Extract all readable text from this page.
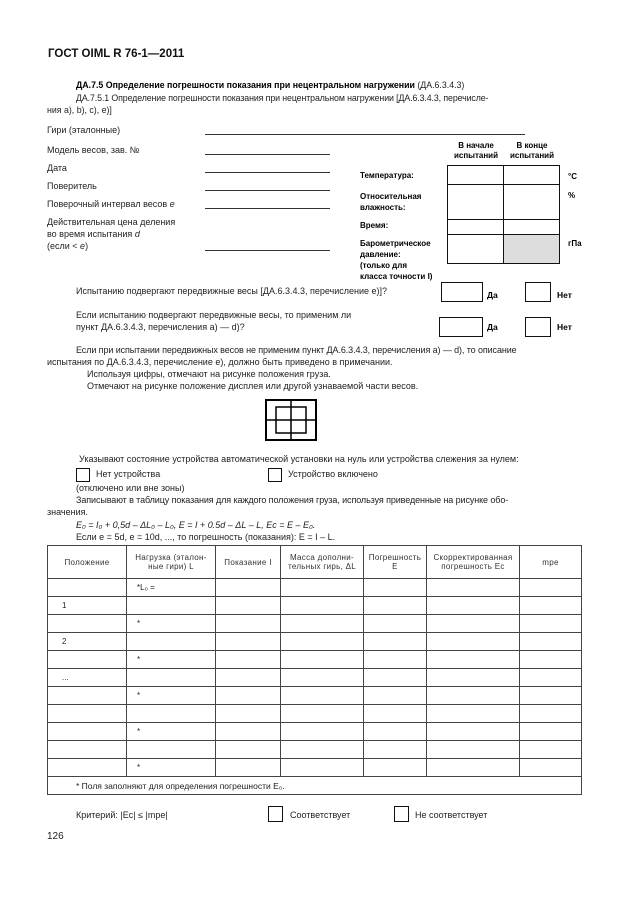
ГОСТ OIML R 76-1—2011
ДА.7.5 Определение погрешности показания при нецентральном нагружении (ДА.6.3.4.3)
ДА.7.5.1 Определение погрешности показания при нецентральном нагружении [ДА.6.3.4.3, перечисле-
ния а), b), с), е)]
Гири (эталонные)
Модель весов, зав. №
Дата
Поверитель
Поверочный интервал весов е
Действительная цена деления
во время испытания d
(если < е)
В начале
испытаний
В конце
испытаний

Температура:	°С
Относительная
влажность:
%
Время:
Барометрическое
давление:
(только для
класса точности I)
гПа
Испытанию подвергают передвижные весы [ДА.6.3.4.3, перечисление е)]?	Да	Нет
Если испытанию подвергают передвижные весы, то применим ли
пункт ДА.6.3.4.3, перечисления а) — d)?	Да	Нет
Если при испытании передвижных весов не применим пункт ДА.6.3.4.3, перечисления а) — d), то описание
испытания по ДА.6.3.4.3, перечисление е), должно быть приведено в примечании.
Используя цифры, отмечают на рисунке положения груза.
Отмечают на рисунке положение дисплея или другой узнаваемой части весов.
Указывают состояние устройства автоматической установки на нуль или устройства слежения за нулем:
Нет устройства	Устройство включено
(отключено или вне зоны)
Записывают в таблицу показания для каждого положения груза, используя приведенные на рисунке обо-
значения.
E₀ = I₀ + 0,5d – ΔL₀ – L₀, E = I + 0.5d – ΔL – L, Ec = E – E₀.
Если е = 5d, е = 10d, ..., то погрешность (показания): E = I – L.
Положение	Нагрузка (эталон-ные гири) L	Показание I	Масса дополни-тельных гирь, ΔL	Погрешность E	Скорректированная погрешность Ec	mpe
	*L₀ =					
1						
	*					
2						
	*					
...						
	*					

	*					

	*					
* Поля заполняют для определения погрешности E₀.						
Критерий: |Ec| ≤ |mpe|	Соответствует	Не соответствует
126
